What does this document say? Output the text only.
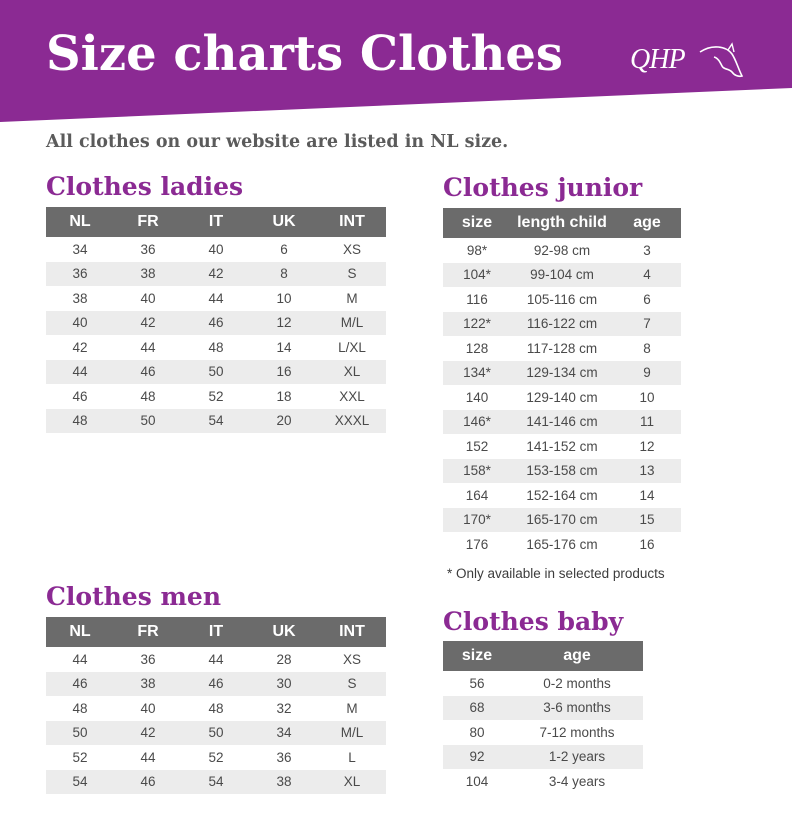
Size charts Clothes QHP

All clothes on our website are listed in NL size.

Clothes ladies
NL	FR	IT	UK	INT
34	36	40	6	XS
36	38	42	8	S
38	40	44	10	M
40	42	46	12	M/L
42	44	48	14	L/XL
44	46	50	16	XL
46	48	52	18	XXL
48	50	54	20	XXXL
Clothes men
NL	FR	IT	UK	INT
44	36	44	28	XS
46	38	46	30	S
48	40	48	32	M
50	42	50	34	M/L
52	44	52	36	L
54	46	54	38	XL
Clothes junior
size	length child	age
98*	92-98 cm	3
104*	99-104 cm	4
116	105-116 cm	6
122*	116-122 cm	7
128	117-128 cm	8
134*	129-134 cm	9
140	129-140 cm	10
146*	141-146 cm	11
152	141-152 cm	12
158*	153-158 cm	13
164	152-164 cm	14
170*	165-170 cm	15
176	165-176 cm	16

* Only available in selected products

Clothes baby
size	age
56	0-2 months
68	3-6 months
80	7-12 months
92	1-2 years
104	3-4 years
